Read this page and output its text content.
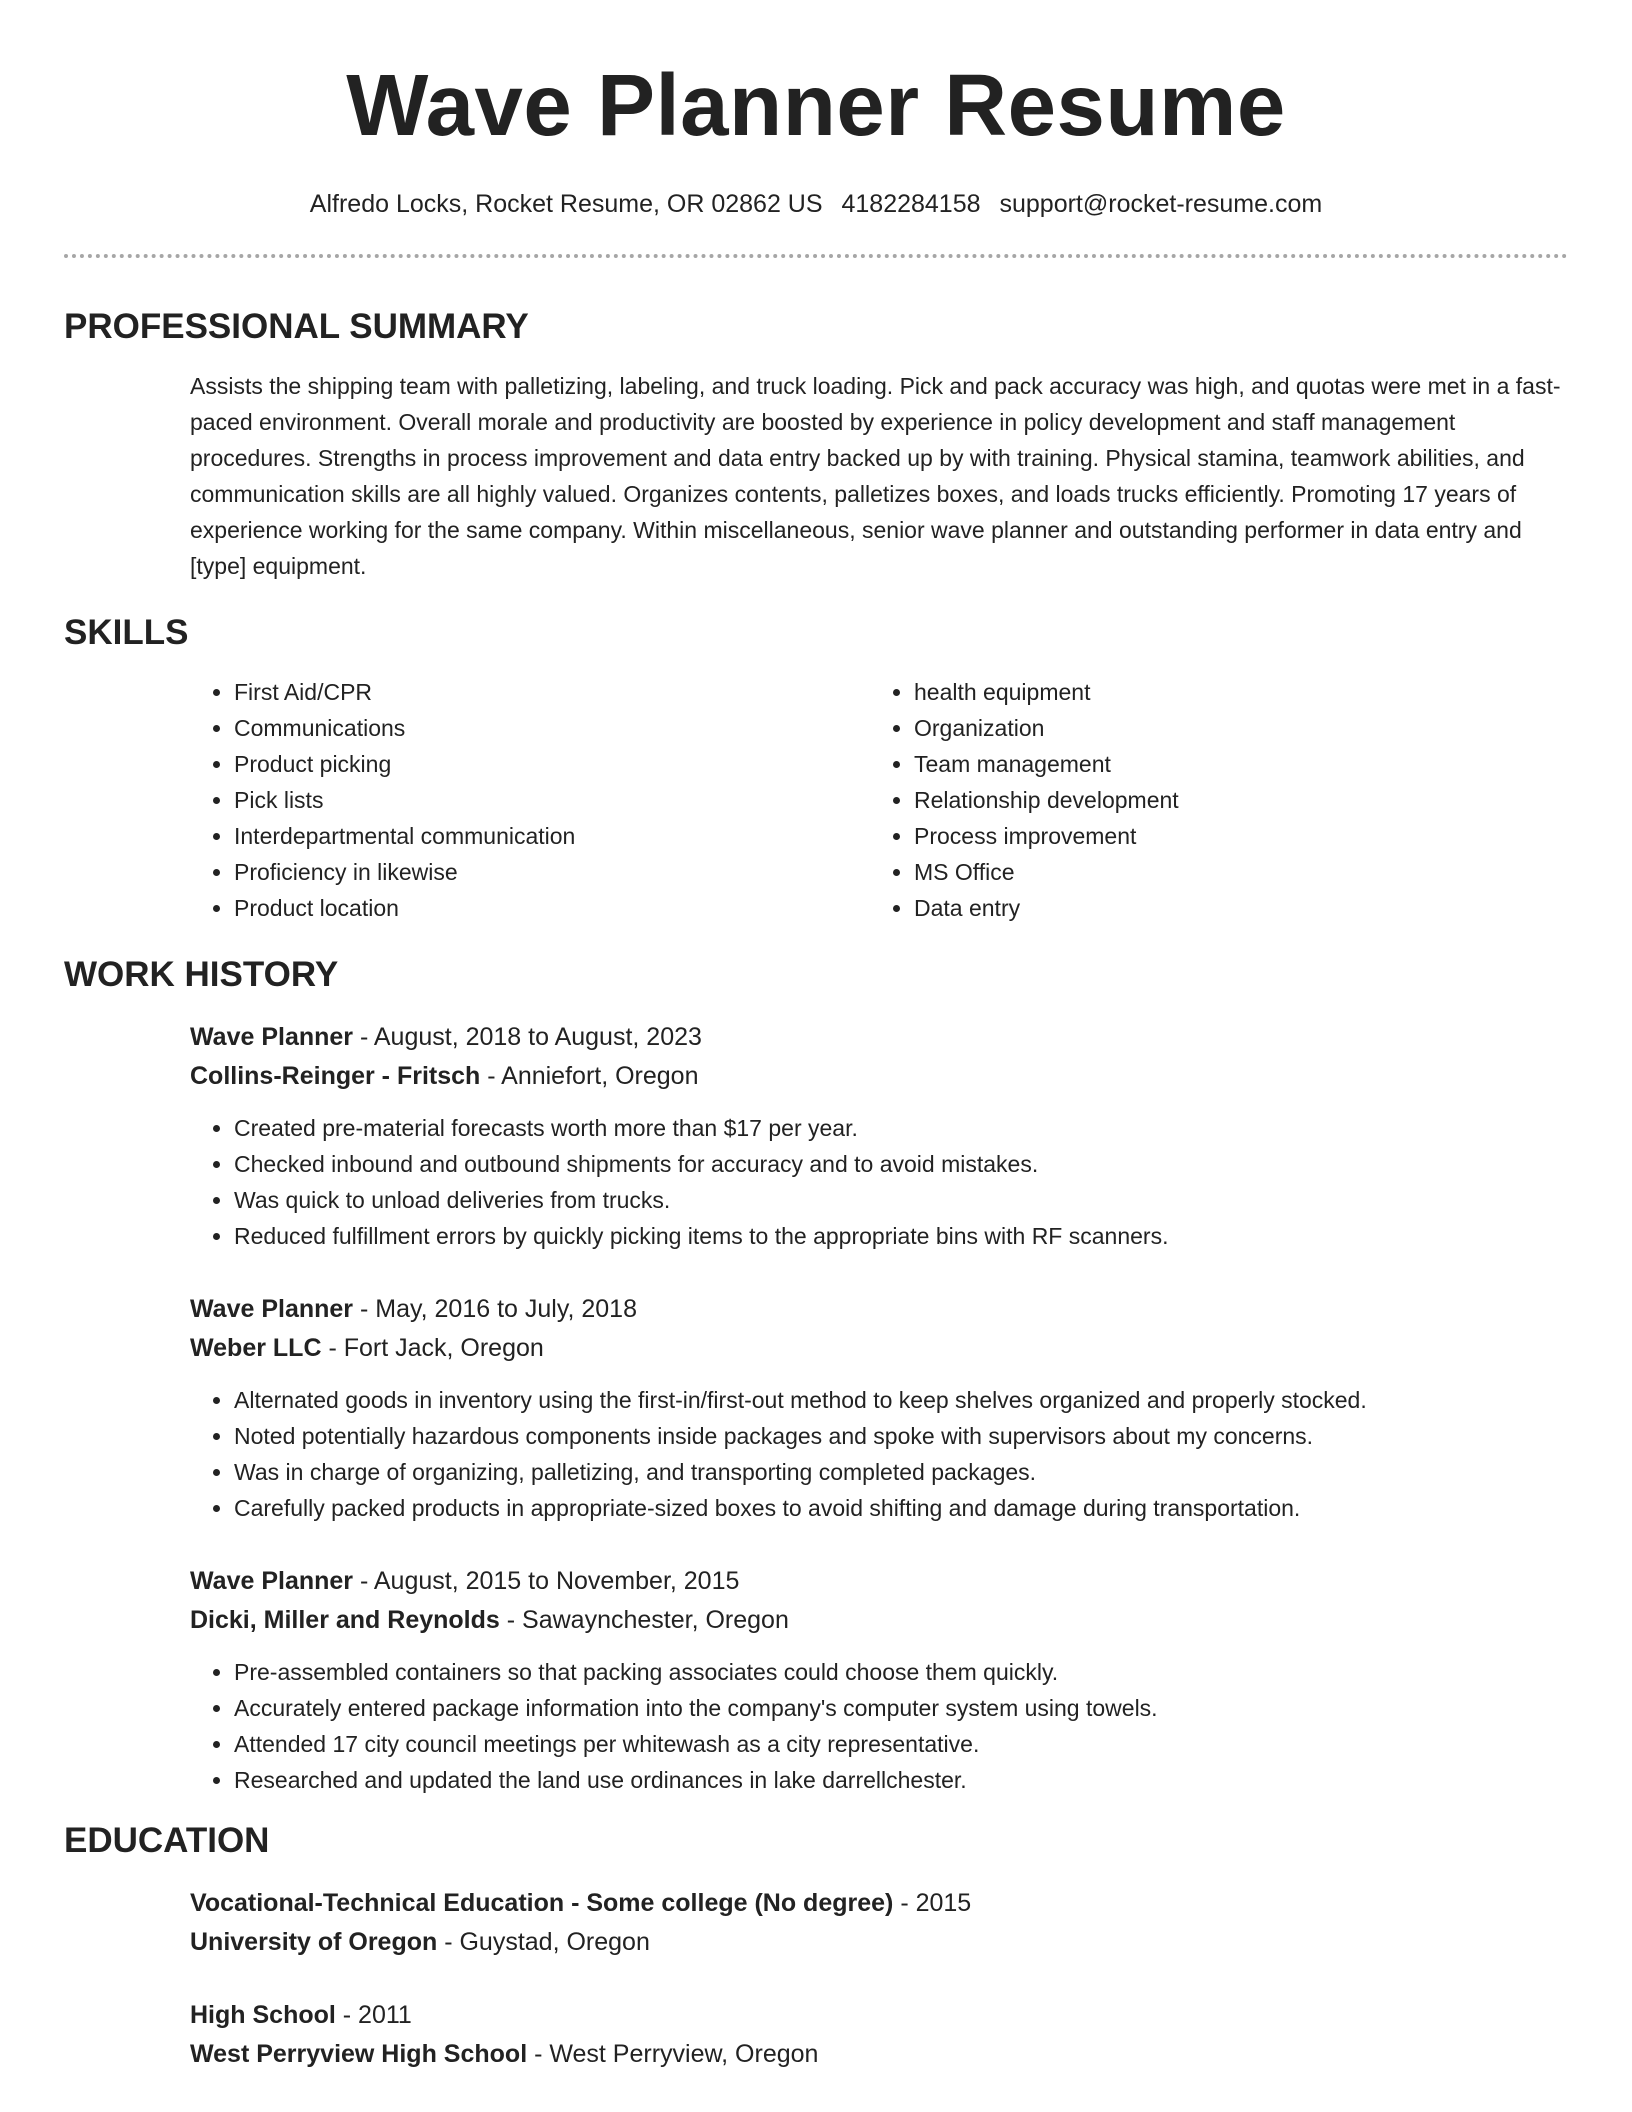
Wave Planner Resume
Alfredo Locks, Rocket Resume, OR 02862 US 4182284158 support@rocket-resume.com
PROFESSIONAL SUMMARY

Assists the shipping team with palletizing, labeling, and truck loading. Pick and pack accuracy was high, and quotas were met in a fast-paced environment. Overall morale and productivity are boosted by experience in policy development and staff management procedures. Strengths in process improvement and data entry backed up by with training. Physical stamina, teamwork abilities, and communication skills are all highly valued. Organizes contents, palletizes boxes, and loads trucks efficiently. Promoting 17 years of experience working for the same company. Within miscellaneous, senior wave planner and outstanding performer in data entry and [type] equipment.

SKILLS
• First Aid/CPR
• Communications
• Product picking
• Pick lists
• Interdepartmental communication
• Proficiency in likewise
• Product location
• health equipment
• Organization
• Team management
• Relationship development
• Process improvement
• MS Office
• Data entry
WORK HISTORY
Wave Planner - August, 2018 to August, 2023
Collins-Reinger - Fritsch - Anniefort, Oregon
• Created pre-material forecasts worth more than $17 per year.
• Checked inbound and outbound shipments for accuracy and to avoid mistakes.
• Was quick to unload deliveries from trucks.
• Reduced fulfillment errors by quickly picking items to the appropriate bins with RF scanners.
Wave Planner - May, 2016 to July, 2018
Weber LLC - Fort Jack, Oregon
• Alternated goods in inventory using the first-in/first-out method to keep shelves organized and properly stocked.
• Noted potentially hazardous components inside packages and spoke with supervisors about my concerns.
• Was in charge of organizing, palletizing, and transporting completed packages.
• Carefully packed products in appropriate-sized boxes to avoid shifting and damage during transportation.
Wave Planner - August, 2015 to November, 2015
Dicki, Miller and Reynolds - Sawaynchester, Oregon
• Pre-assembled containers so that packing associates could choose them quickly.
• Accurately entered package information into the company's computer system using towels.
• Attended 17 city council meetings per whitewash as a city representative.
• Researched and updated the land use ordinances in lake darrellchester.
EDUCATION
Vocational-Technical Education - Some college (No degree) - 2015
University of Oregon - Guystad, Oregon
High School - 2011
West Perryview High School - West Perryview, Oregon
